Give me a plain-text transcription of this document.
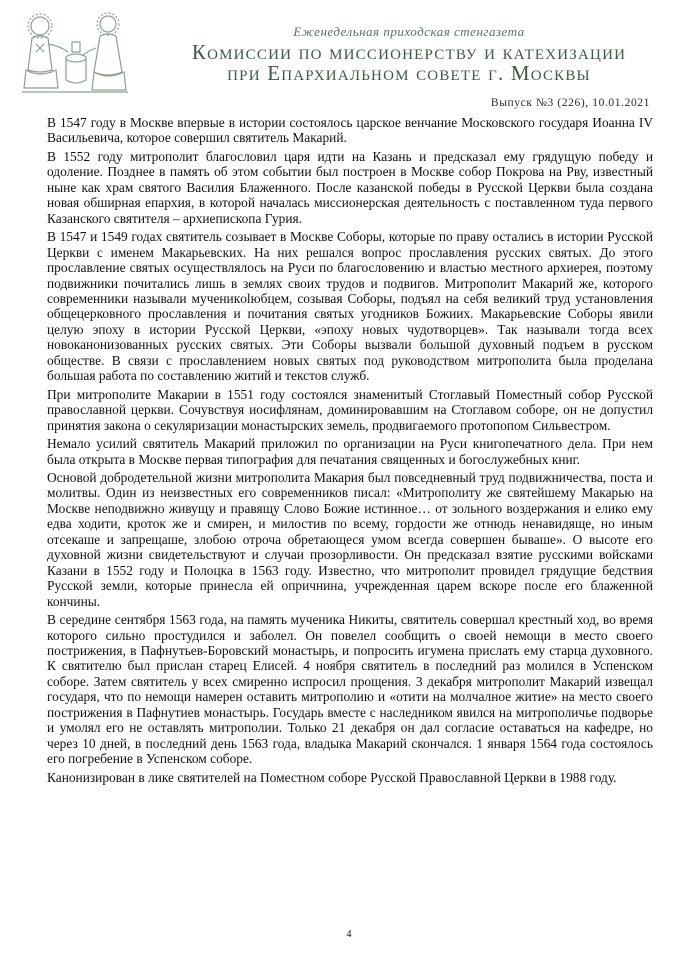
Еженедельная приходская стенгазета
Комиссии по миссионерству и катехизации
при Епархиальном совете г. Москвы
Выпуск №3 (226), 10.01.2021

В 1547 году в Москве впервые в истории состоялось царское венчание Московского государя Иоанна IV Васильевича, которое совершил святитель Макарий.

В 1552 году митрополит благословил царя идти на Казань и предсказал ему грядущую победу и одоление. Позднее в память об этом событии был построен в Москве собор Покрова на Рву, известный ныне как храм святого Василия Блаженного. После казанской победы в Русской Церкви была создана новая обширная епархия, в которой началась миссионерская деятельность с поставленном туда первого Казанского святителя – архиепископа Гурия.

В 1547 и 1549 годах святитель созывает в Москве Соборы, которые по праву остались в истории Русской Церкви с именем Макарьевских. На них решался вопрос прославления русских святых. До этого прославление святых осуществлялось на Руси по благословению и властью местного архиерея, поэтому подвижники почитались лишь в землях своих трудов и подвигов. Митрополит Макарий же, которого современники называли мученикolюбцем, созывая Соборы, подъял на себя великий труд установления общецерковного прославления и почитания святых угодников Божиих. Макарьевские Соборы явили целую эпоху в истории Русской Церкви, «эпоху новых чудотворцев». Так называли тогда всех новоканонизованных русских святых. Эти Соборы вызвали большой духовный подъем в русском обществе. В связи с прославлением новых святых под руководством митрополита была проделана большая работа по составлению житий и текстов служб.

При митрополите Макарии в 1551 году состоялся знаменитый Стоглавый Поместный собор Русской православной церкви. Сочувствуя иосифлянам, доминировавшим на Стоглавом соборе, он не допустил принятия закона о секуляризации монастырских земель, продвигаемого протопопом Сильвестром.

Немало усилий святитель Макарий приложил по организации на Руси книгопечатного дела. При нем была открыта в Москве первая типография для печатания священных и богослужебных книг.

Основой добродетельной жизни митрополита Макария был повседневный труд подвижничества, поста и молитвы. Один из неизвестных его современников писал: «Митрополиту же святейшему Макарью на Москве неподвижно живущу и правящу Слово Божие истинное… от зольного воздержания и елико ему едва ходити, кроток же и смирен, и милостив по всему, гордости же отнюдь ненавидяще, но иным отсекаше и запрещаше, злобою отроча обретающеся умом всегда совершен бываше». О высоте его духовной жизни свидетельствуют и случаи прозорливости. Он предсказал взятие русскими войсками Казани в 1552 году и Полоцка в 1563 году. Известно, что митрополит провидел грядущие бедствия Русской земли, которые принесла ей опричнина, учрежденная царем вскоре после его блаженной кончины.

В середине сентября 1563 года, на память мученика Никиты, святитель совершал крестный ход, во время которого сильно простудился и заболел. Он повелел сообщить о своей немощи в место своего пострижения, в Пафнутьев-Боровский монастырь, и попросить игумена прислать ему старца духовного. К святителю был прислан старец Елисей. 4 ноября святитель в последний раз молился в Успенском соборе. Затем святитель у всех смиренно испросил прощения. 3 декабря митрополит Макарий извещал государя, что по немощи намерен оставить митрополию и «отити на молчалное житие» на место своего пострижения в Пафнутиев монастырь. Государь вместе с наследником явился на митрополичье подворье и умолял его не оставлять митрополии. Только 21 декабря он дал согласие оставаться на кафедре, но через 10 дней, в последний день 1563 года, владыка Макарий скончался. 1 января 1564 года состоялось его погребение в Успенском соборе.

Канонизирован в лике святителей на Поместном соборе Русской Православной Церкви в 1988 году.

4
